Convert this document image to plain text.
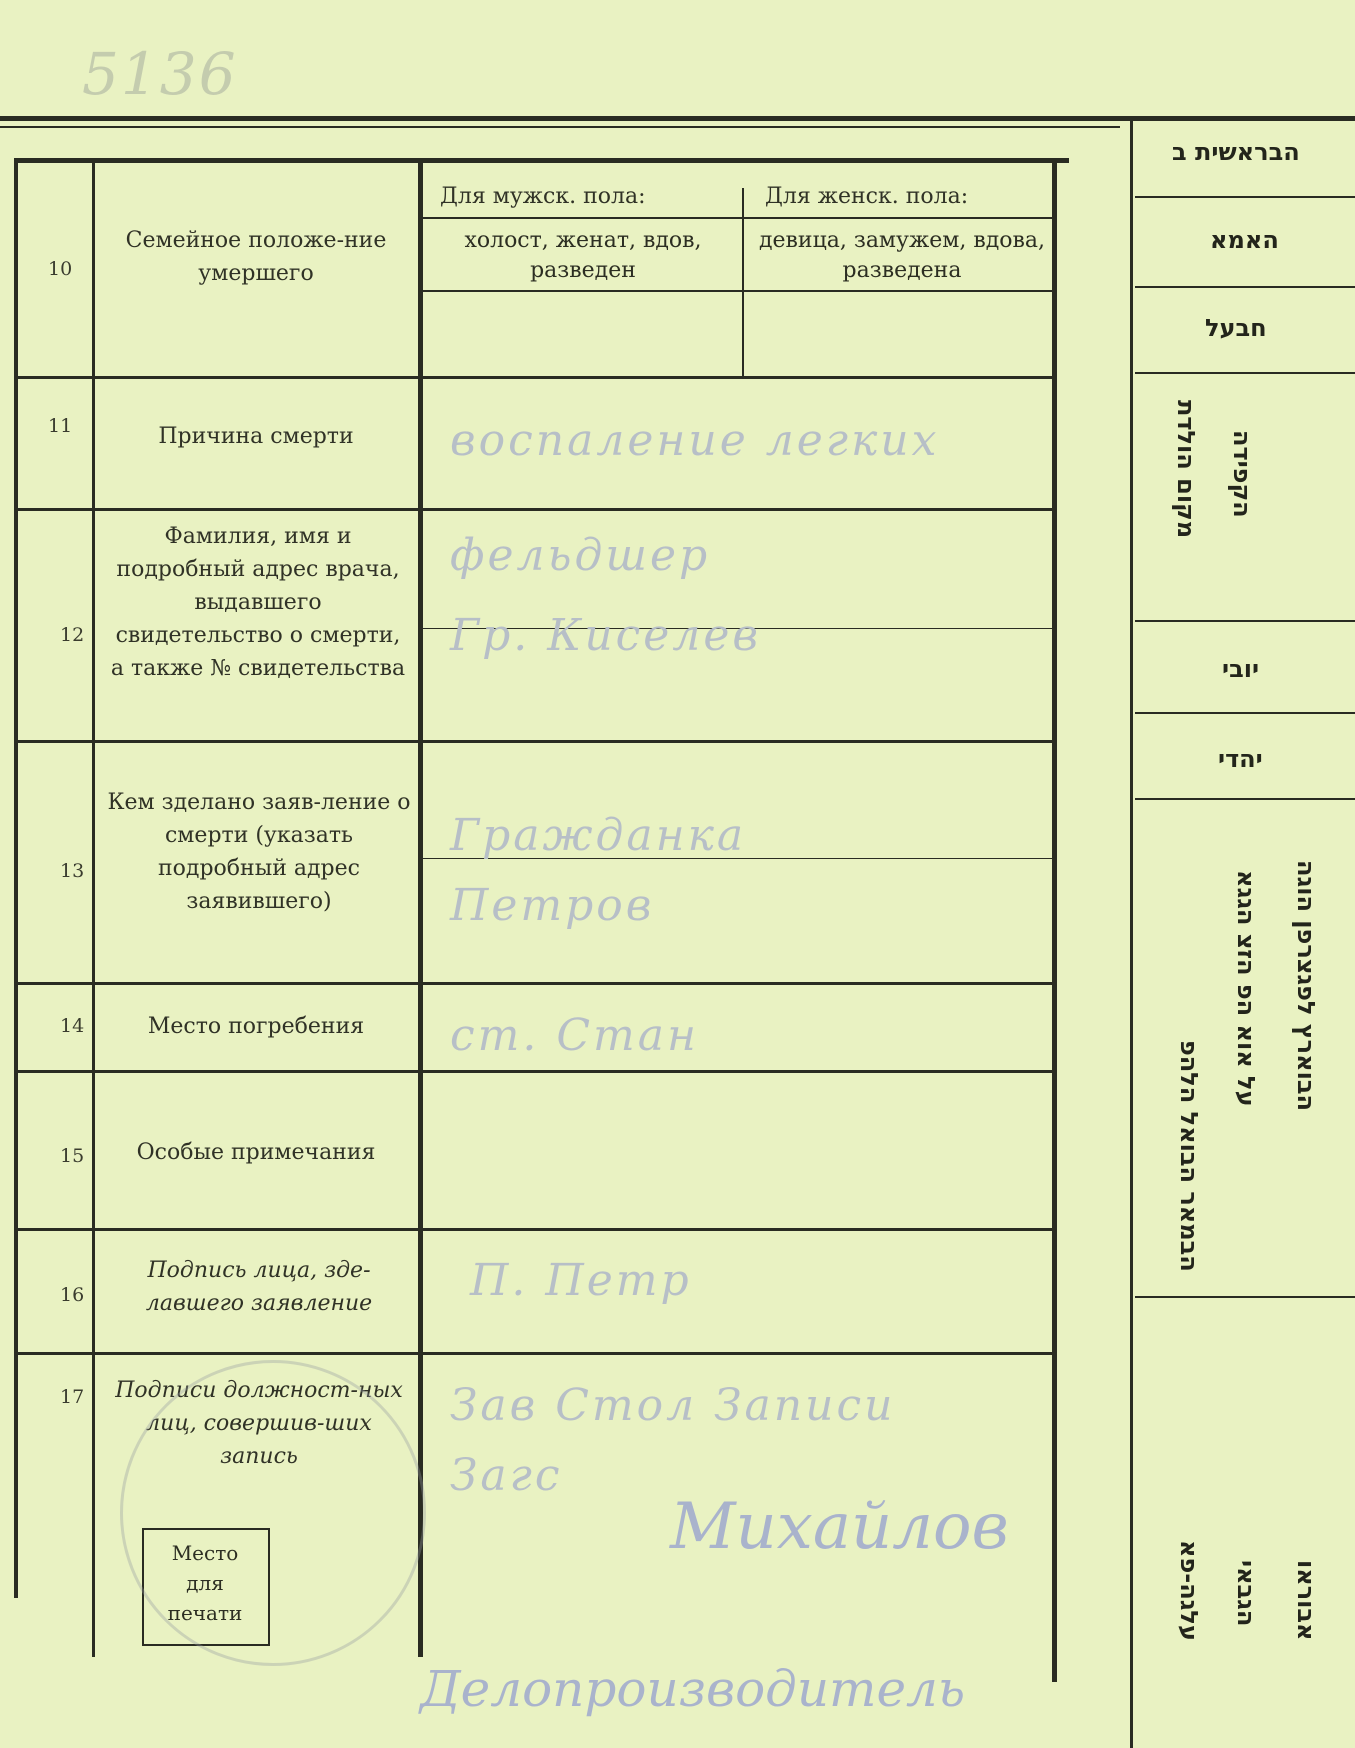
5136
Для мужск. пола:	Для женск. пола:
холост, женат, вдов, разведен
девица, замужем, вдова, разведена
10
11
12
13
14
15
16
17
Семейное положе-ние умершего
Причина смерти
Фамилия, имя и подробный адрес врача, выдавшего свидетельство о смерти, а также № свидетельства
Кем зделано заяв-ление о смерти (указать подробный адрес заявившего)
Место погребения
Особые примечания
Подпись лица, зде-лавшего заявление
Подписи должност-ных лиц, совершив-ших запись
Место для печати
воспаление легких
фельдшер
Гр. Киселев
Гражданка
Петров
ст. Стан
П. Петр
Зав Стол Записи
Загс
Михайлов
Делопроизводитель
הבראשית ב
האמא
חבעל
מקום הולדת הקפידה
יובי
יהדי
הבמאר הבואל הלהפ
על אוא הפ הזצ הגגא הבוארץ לפגצרפן הוגה
עלגה-פא הגבאי אבוראו
